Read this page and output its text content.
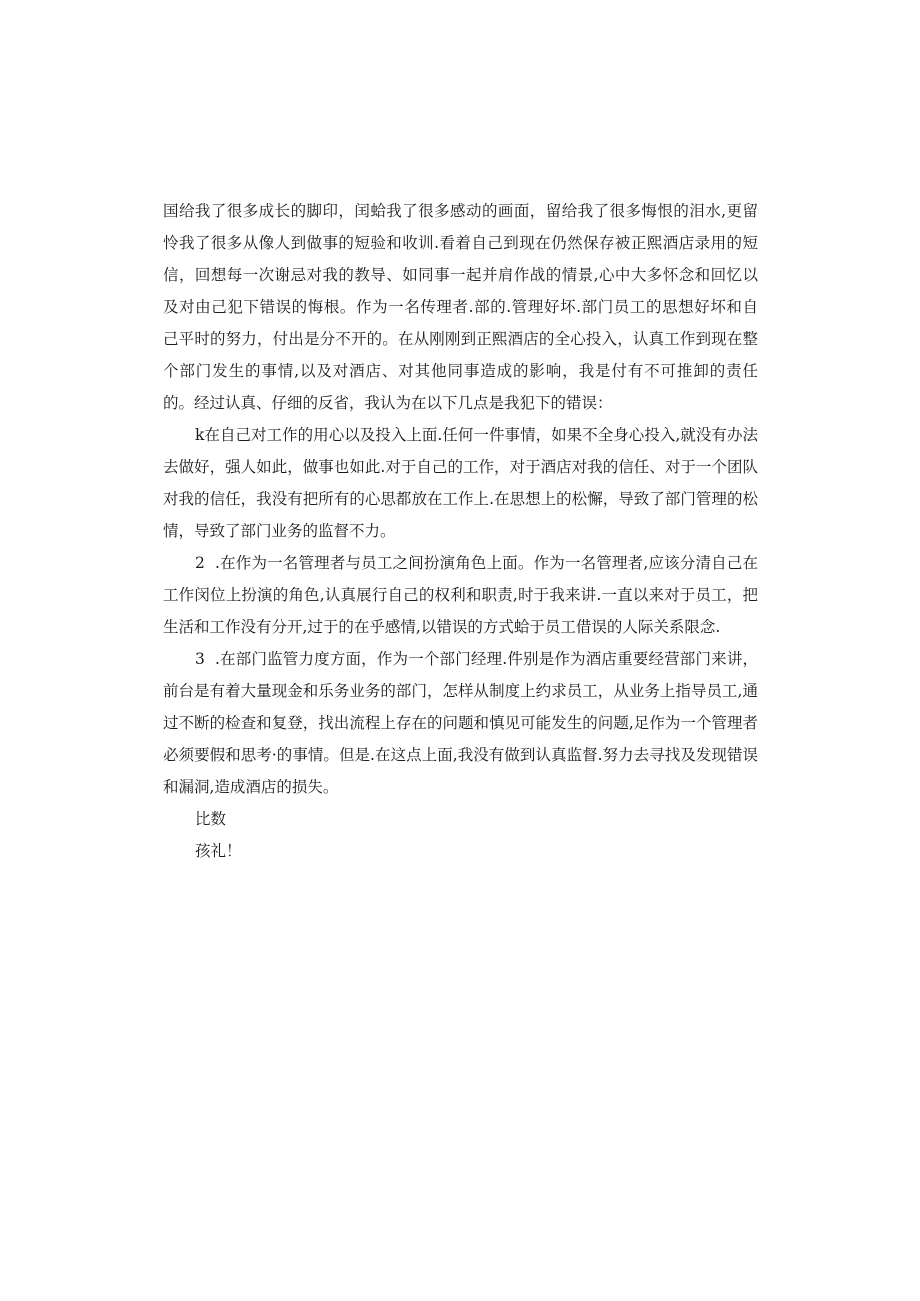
国给我了很多成长的脚印，闰蛤我了很多感动的画面，留给我了很多悔恨的泪水,更留
怜我了很多从像人到做事的短验和收训.看着自己到现在仍然保存被正熙酒店录用的短
信，回想每一次谢忌对我的教导、如同事一起并肩作战的情景,心中大多怀念和回忆以
及对由己犯下错误的悔根。作为一名传理者.部的.管理好坏.部门员工的思想好坏和自
己平时的努力，付出是分不开的。在从刚刚到正熙酒店的全心投入，认真工作到现在整
个部门发生的事情,以及对酒店、对其他同事造成的影响，我是付有不可推卸的责任
的。经过认真、仔细的反省，我认为在以下几点是我犯下的错误：
k在自己对工作的用心以及投入上面.任何一件事情，如果不全身心投入,就没有办法
去做好，强人如此，做事也如此.对于自己的工作，对于酒店对我的信任、对于一个团队
对我的信任，我没有把所有的心思都放在工作上.在思想上的松懈，导致了部门管理的松
情，导致了部门业务的监督不力。
2 .在作为一名管理者与员工之间扮演角色上面。作为一名管理者,应该分清自己在
工作闵位上扮演的角色,认真展行自己的权利和职责,时于我来讲.一直以来对于员工，把
生活和工作没有分开,过于的在乎感情,以错误的方式蛤于员工借误的人际关系限念.
3 .在部门监管力度方面，作为一个部门经理.件别是作为酒店重要经营部门来讲，
前台是有着大量现金和乐务业务的部门，怎样从制度上约求员工，从业务上指导员工,通
过不断的检查和复登，找出流程上存在的问题和慎见可能发生的问题,足作为一个管理者
必须要假和思考·的事情。但是.在这点上面,我没有做到认真监督.努力去寻找及发现错误
和漏洞,造成酒店的损失。
比数
孩礼！
